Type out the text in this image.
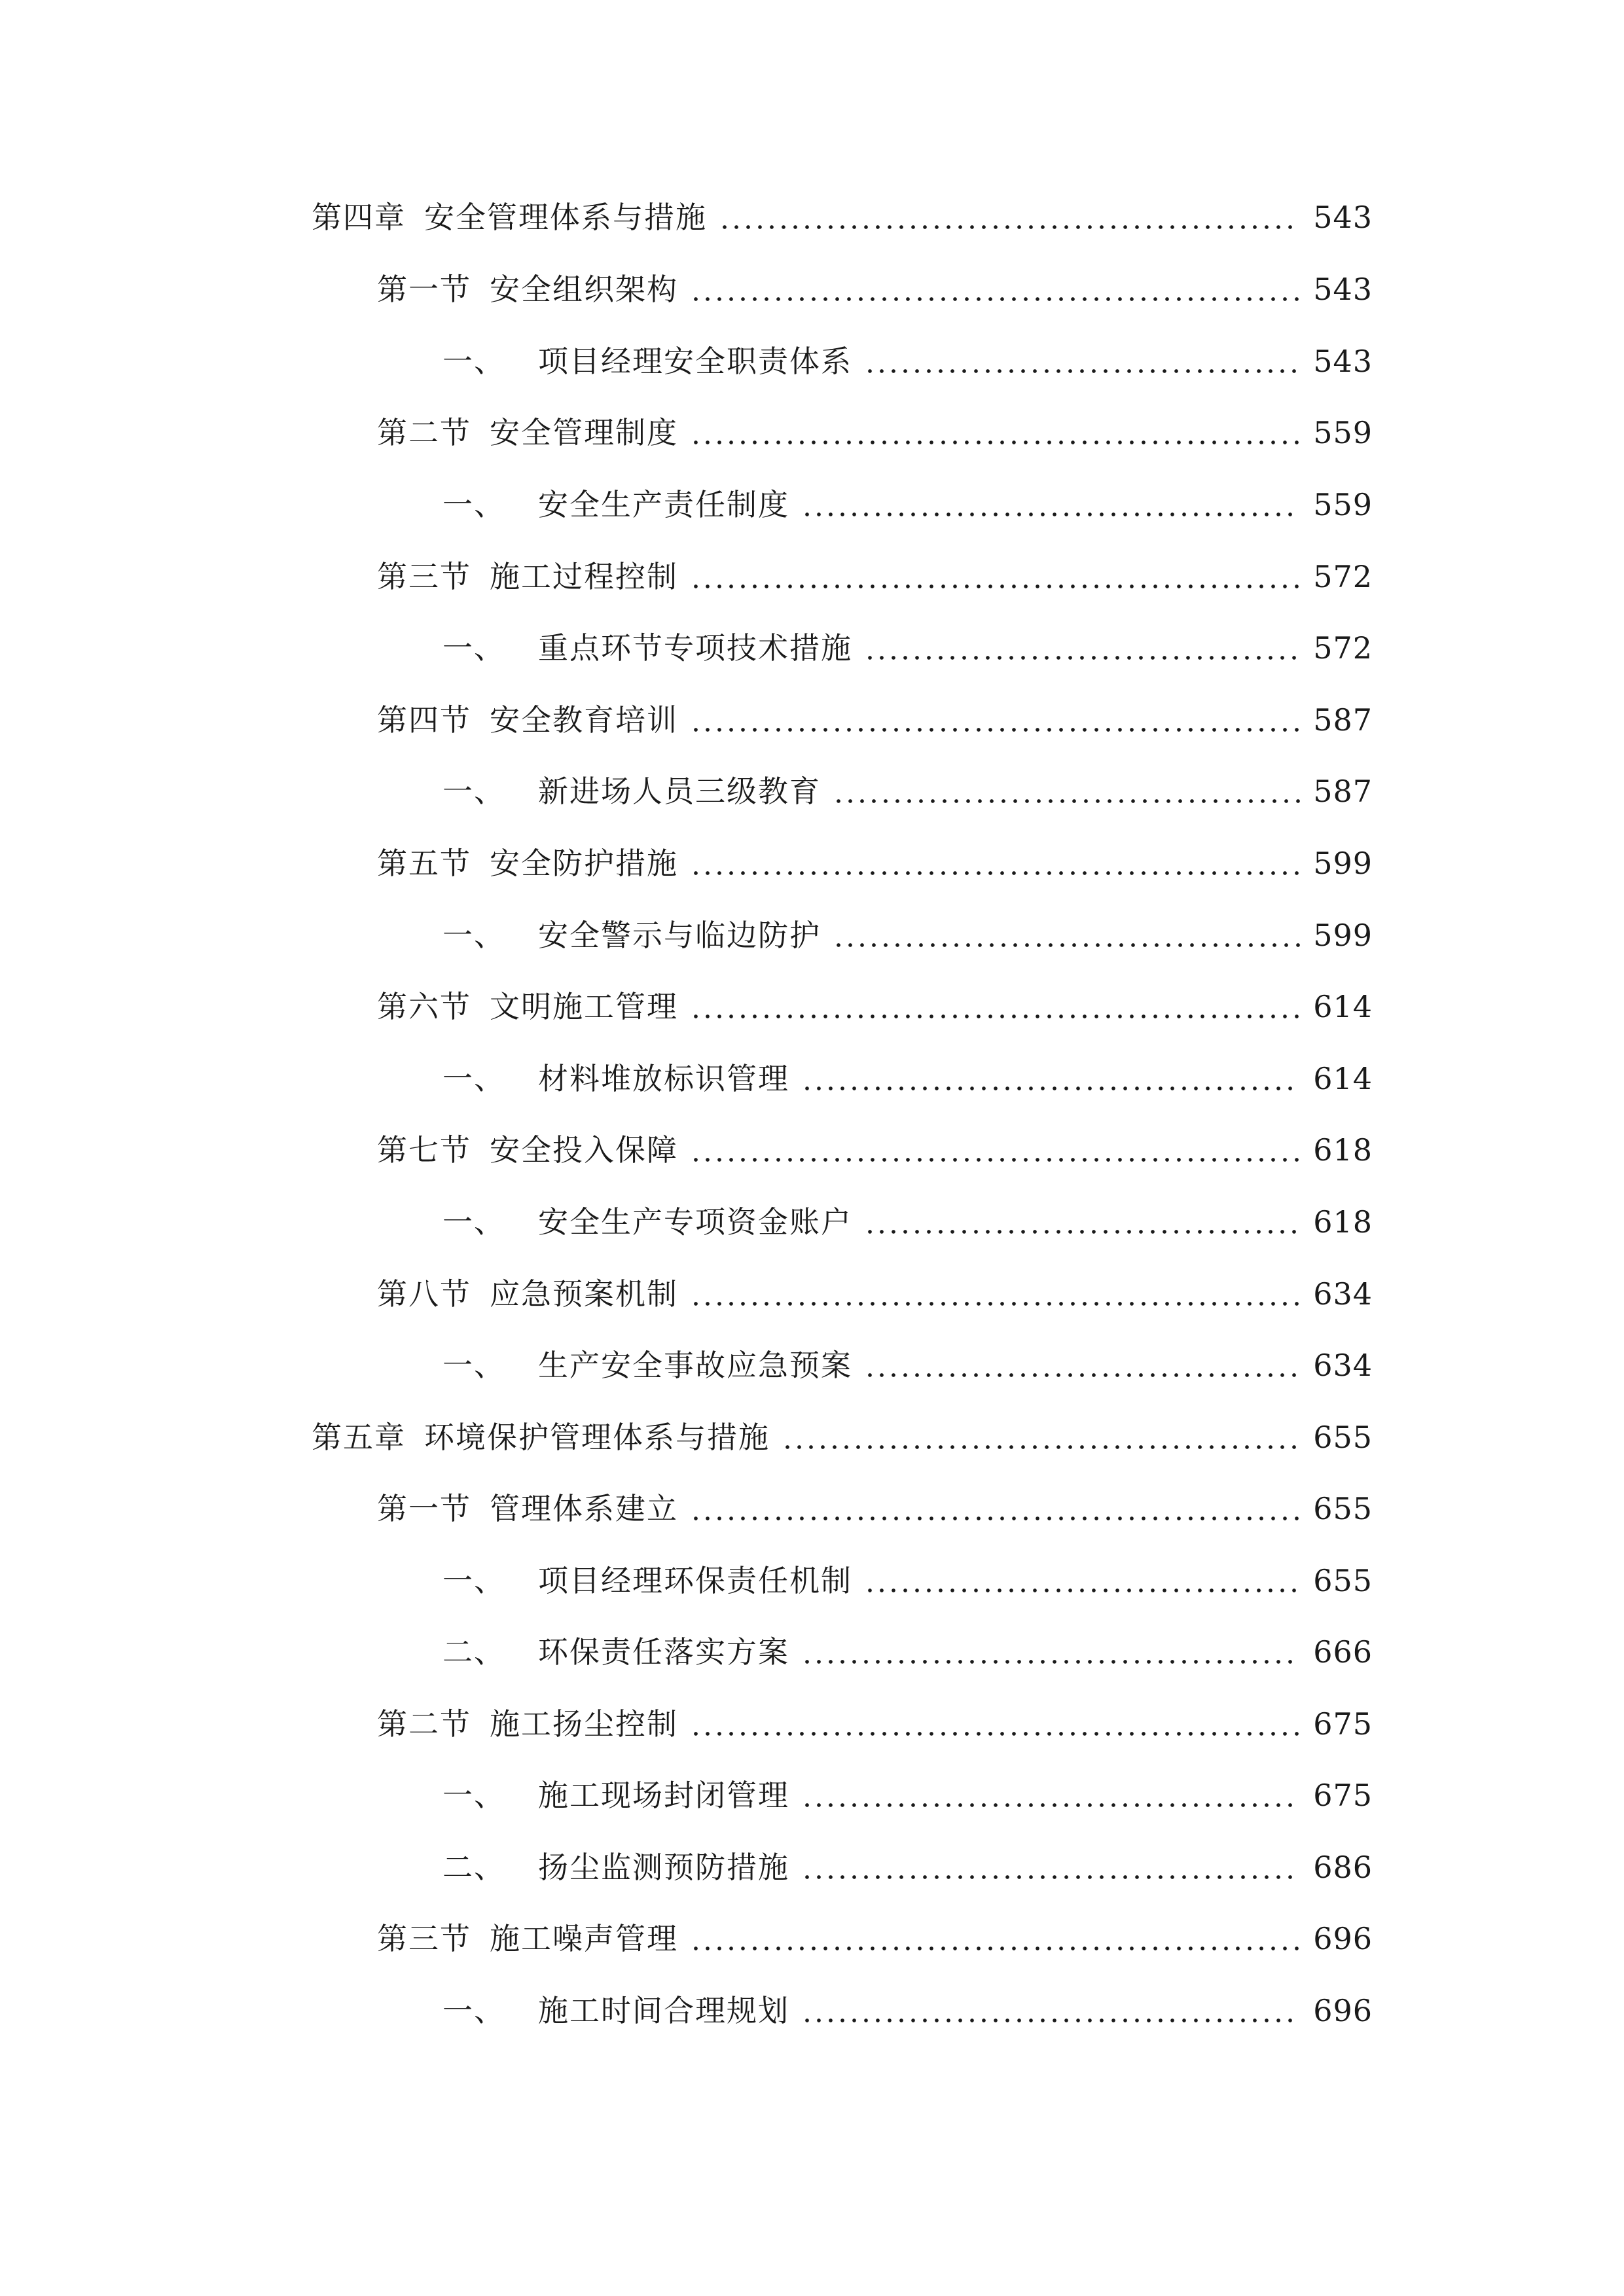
第四章 安全管理体系与措施	543
第一节 安全组织架构	543
一、 项目经理安全职责体系	543
第二节 安全管理制度	559
一、 安全生产责任制度	559
第三节 施工过程控制	572
一、 重点环节专项技术措施	572
第四节 安全教育培训	587
一、 新进场人员三级教育	587
第五节 安全防护措施	599
一、 安全警示与临边防护	599
第六节 文明施工管理	614
一、 材料堆放标识管理	614
第七节 安全投入保障	618
一、 安全生产专项资金账户	618
第八节 应急预案机制	634
一、 生产安全事故应急预案	634
第五章 环境保护管理体系与措施	655
第一节 管理体系建立	655
一、 项目经理环保责任机制	655
二、 环保责任落实方案	666
第二节 施工扬尘控制	675
一、 施工现场封闭管理	675
二、 扬尘监测预防措施	686
第三节 施工噪声管理	696
一、 施工时间合理规划	696
